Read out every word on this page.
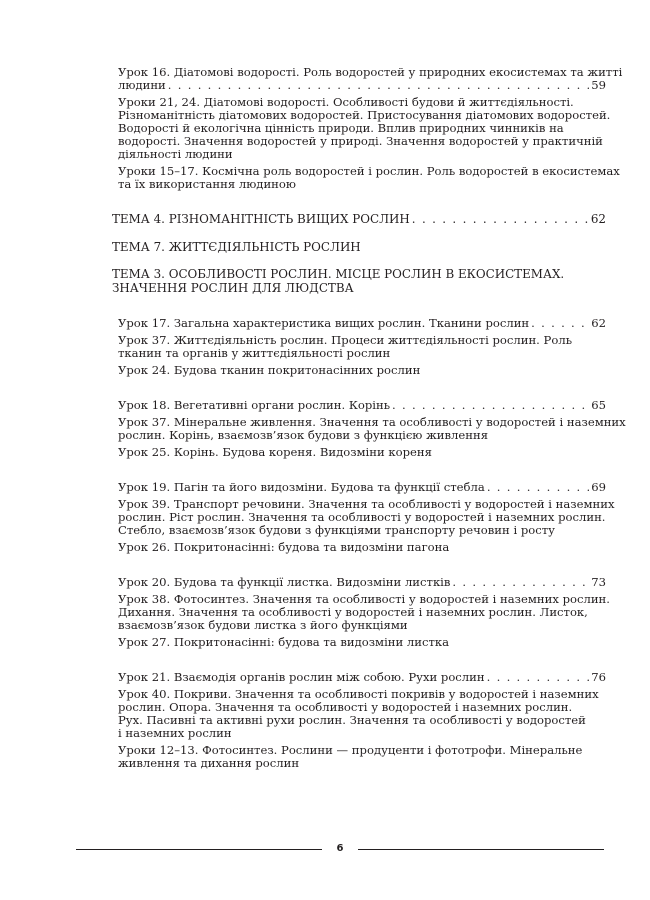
Урок 16. Діатомові водорості. Роль водоростей у природних екосистемах та житті
людини . . .	59
Уроки 21, 24. Діатомові водорості. Особливості будови й життєдіяльності.
Різноманітність діатомових водоростей. Пристосування діатомових водоростей.
Водорості й екологічна цінність природи. Вплив природних чинників на
водорості. Значення водоростей у природі. Значення водоростей у практичній
діяльності людини
Уроки 15–17. Космічна роль водоростей і рослин. Роль водоростей в екосистемах
та їх використання людиною
ТЕМА 4. РІЗНОМАНІТНІСТЬ ВИЩИХ РОСЛИН . . .	62
ТЕМА 7. ЖИТТЄДІЯЛЬНІСТЬ РОСЛИН
ТЕМА 3. ОСОБЛИВОСТІ РОСЛИН. МІСЦЕ РОСЛИН В ЕКОСИСТЕМАХ.
ЗНАЧЕННЯ РОСЛИН ДЛЯ ЛЮДСТВА
Урок 17. Загальна характеристика вищих рослин. Тканини рослин . . .	62
Урок 37. Життєдіяльність рослин. Процеси життєдіяльності рослин. Роль
тканин та органів у життєдіяльності рослин
Урок 24. Будова тканин покритонасінних рослин
Урок 18. Вегетативні органи рослин. Корінь . . .	65
Урок 37. Мінеральне живлення. Значення та особливості у водоростей і наземних
рослин. Корінь, взаємозв’язок будови з функцією живлення
Урок 25. Корінь. Будова кореня. Видозміни кореня
Урок 19. Пагін та його видозміни. Будова та функції стебла . . .	69
Урок 39. Транспорт речовини. Значення та особливості у водоростей і наземних
рослин. Ріст рослин. Значення та особливості у водоростей і наземних рослин.
Стебло, взаємозв’язок будови з функціями транспорту речовин і росту
Урок 26. Покритонасінні: будова та видозміни пагона
Урок 20. Будова та функції листка. Видозміни листків . . .	73
Урок 38. Фотосинтез. Значення та особливості у водоростей і наземних рослин.
Дихання. Значення та особливості у водоростей і наземних рослин. Листок,
взаємозв’язок будови листка з його функціями
Урок 27. Покритонасінні: будова та видозміни листка
Урок 21. Взаємодія органів рослин між собою. Рухи рослин . . .	76
Урок 40. Покриви. Значення та особливості покривів у водоростей і наземних
рослин. Опора. Значення та особливості у водоростей і наземних рослин.
Рух. Пасивні та активні рухи рослин. Значення та особливості у водоростей
і наземних рослин
Уроки 12–13. Фотосинтез. Рослини — продуценти і фототрофи. Мінеральне
живлення та дихання рослин
6
